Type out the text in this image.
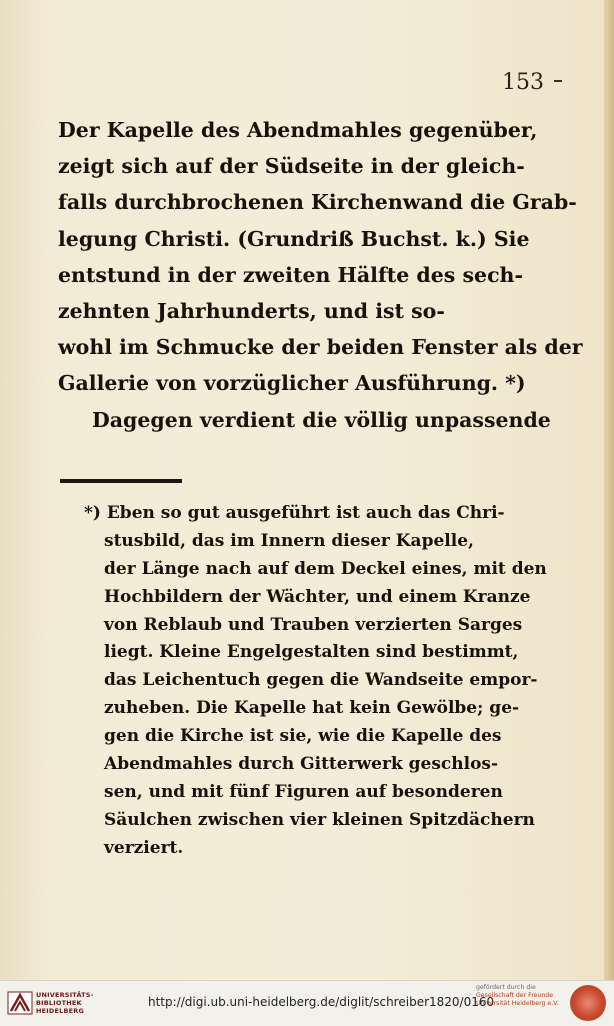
153
Der Kapelle des Abendmahles gegenüber,
zeigt sich auf der Südseite in der gleich-
falls durchbrochenen Kirchenwand die Grab-
legung Christi. (Grundriß Buchst. k.) Sie
entstund in der zweiten Hälfte des sech-
zehnten Jahrhunderts, und ist so-
wohl im Schmucke der beiden Fenster als der
Gallerie von vorzüglicher Ausführung. *)
Dagegen verdient die völlig unpassende
*) Eben so gut ausgeführt ist auch das Chri-
stusbild, das im Innern dieser Kapelle,
der Länge nach auf dem Deckel eines, mit den
Hochbildern der Wächter, und einem Kranze
von Reblaub und Trauben verzierten Sarges
liegt. Kleine Engelgestalten sind bestimmt,
das Leichentuch gegen die Wandseite empor-
zuheben. Die Kapelle hat kein Gewölbe; ge-
gen die Kirche ist sie, wie die Kapelle des
Abendmahles durch Gitterwerk geschlos-
sen, und mit fünf Figuren auf besonderen
Säulchen zwischen vier kleinen Spitzdächern
verziert.
UNIVERSITÄTS-
BIBLIOTHEK
HEIDELBERG
http://digi.ub.uni-heidelberg.de/diglit/schreiber1820/0160
gefördert durch die
Gesellschaft der Freunde
Universität Heidelberg e.V.
